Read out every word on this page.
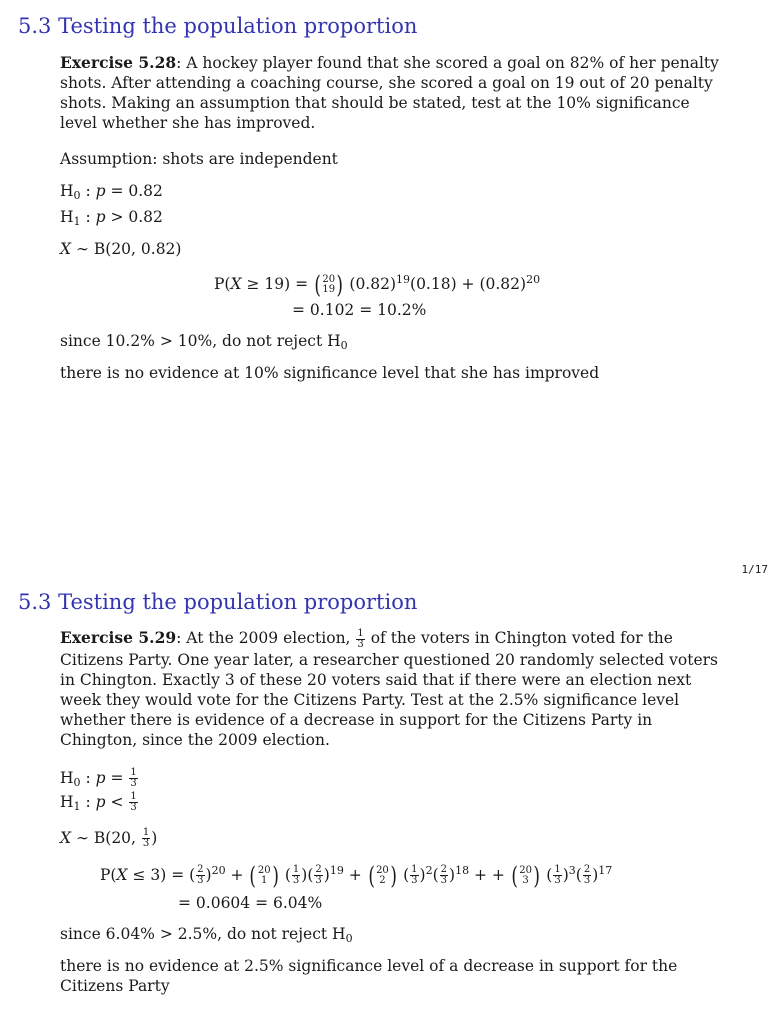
5.3 Testing the population proportion

Exercise 5.28: A hockey player found that she scored a goal on 82% of her penalty shots. After attending a coaching course, she scored a goal on 19 out of 20 penalty shots. Making an assumption that should be stated, test at the 10% significance level whether she has improved.

Assumption: shots are independent

$H_0$ : p = 0.82

$H_1$ : p > 0.82

X ∼ B(20, 0.82)

P(X ≥ 19) = ( 20
19 ) $(0.82)^{19}(0.18) + (0.82)^{20}$
= 0.102 = 10.2%

since 10.2% > 10%, do not reject $H_0$

there is no evidence at 10% significance level that she has improved

1/17
5.3 Testing the population proportion

Exercise 5.29: At the 2009 election, $\frac{1}{3}$ of the voters in Chington voted for the Citizens Party. One year later, a researcher questioned 20 randomly selected voters in Chington. Exactly 3 of these 20 voters said that if there were an election next week they would vote for the Citizens Party. Test at the 2.5% significance level whether there is evidence of a decrease in support for the Citizens Party in Chington, since the 2009 election.

$H_0$ : $p = \frac{1}{3}$

$H_1$ : $p < \frac{1}{3}$

X ∼ B(20, $\frac{1}{3}$ )

P(X ≤ 3) = ( $\frac{2}{3} )^{20}$ + ( 20
1 ) ( $\frac{1}{3}$ )( $\frac{2}{3} )^{19}$ + ( 20
2 ) ( $\frac{1}{3} )^2( \frac{2}{3} )^{18}$ + + ( 20
3 ) ( $\frac{1}{3} )^3( \frac{2}{3} )^{17}$
= 0.0604 = 6.04%

since 6.04% > 2.5%, do not reject $H_0$

there is no evidence at 2.5% significance level of a decrease in support for the Citizens Party
